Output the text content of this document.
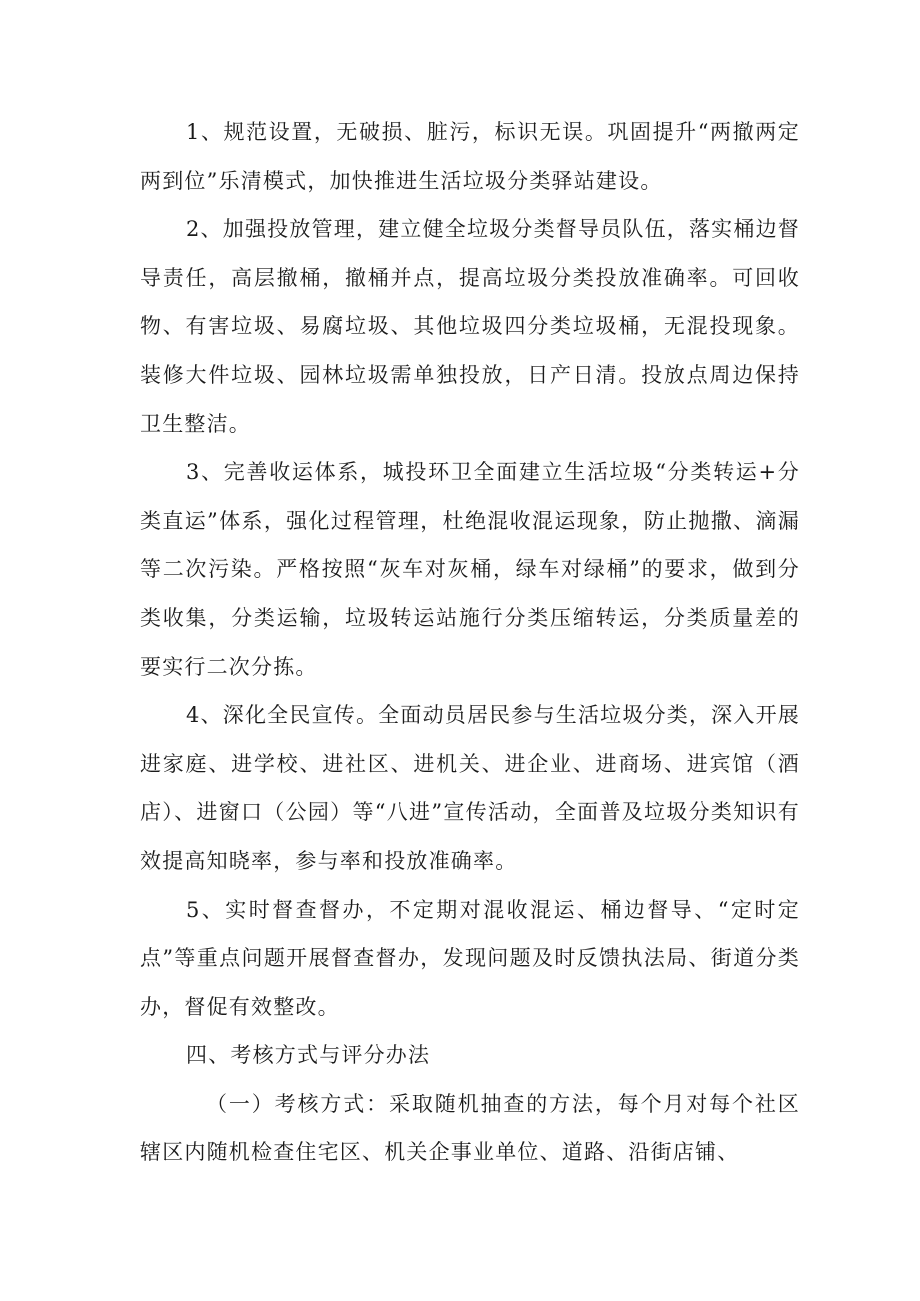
1、规范设置，无破损、脏污，标识无误。巩固提升“两撤两定两到位”乐清模式，加快推进生活垃圾分类驿站建设。

2、加强投放管理，建立健全垃圾分类督导员队伍，落实桶边督导责任，高层撤桶，撤桶并点，提高垃圾分类投放准确率。可回收物、有害垃圾、易腐垃圾、其他垃圾四分类垃圾桶，无混投现象。装修大件垃圾、园林垃圾需单独投放，日产日清。投放点周边保持卫生整洁。

3、完善收运体系，城投环卫全面建立生活垃圾“分类转运+分类直运”体系，强化过程管理，杜绝混收混运现象，防止抛撒、滴漏等二次污染。严格按照“灰车对灰桶，绿车对绿桶”的要求，做到分类收集，分类运输，垃圾转运站施行分类压缩转运，分类质量差的要实行二次分拣。

4、深化全民宣传。全面动员居民参与生活垃圾分类，深入开展进家庭、进学校、进社区、进机关、进企业、进商场、进宾馆（酒店）、进窗口（公园）等“八进”宣传活动，全面普及垃圾分类知识有效提高知晓率，参与率和投放准确率。

5、实时督查督办，不定期对混收混运、桶边督导、“定时定点”等重点问题开展督查督办，发现问题及时反馈执法局、街道分类办，督促有效整改。

四、考核方式与评分办法

（一）考核方式：采取随机抽查的方法，每个月对每个社区辖区内随机检查住宅区、机关企事业单位、道路、沿街店铺、
